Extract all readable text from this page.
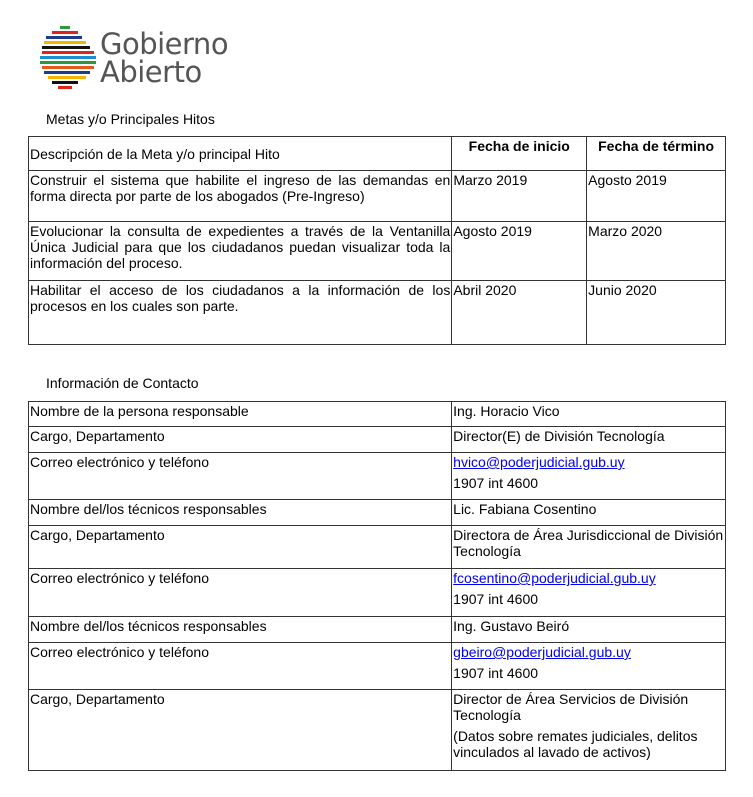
Gobierno
Abierto
Metas y/o Principales Hitos
Descripción de la Meta y/o principal Hito	Fecha de inicio	Fecha de término
Construir el sistema que habilite el ingreso de las demandas en forma directa por parte de los abogados (Pre-Ingreso)	Marzo 2019	Agosto 2019
Evolucionar la consulta de expedientes a través de la Ventanilla Única Judicial para que los ciudadanos puedan visualizar toda la información del proceso.	Agosto 2019	Marzo 2020
Habilitar el acceso de los ciudadanos a la información de los procesos en los cuales son parte.	Abril 2020	Junio 2020
Información de Contacto
Nombre de la persona responsable	Ing. Horacio Vico
Cargo, Departamento	Director(E) de División Tecnología
Correo electrónico y teléfono	hvico@poderjudicial.gub.uy
1907 int 4600

Nombre del/los técnicos responsables	Lic. Fabiana Cosentino
Cargo, Departamento	Directora de Área Jurisdiccional de División Tecnología
Correo electrónico y teléfono	fcosentino@poderjudicial.gub.uy
1907 int 4600

Nombre del/los técnicos responsables	Ing. Gustavo Beiró
Correo electrónico y teléfono	gbeiro@poderjudicial.gub.uy
1907 int 4600

Cargo, Departamento	Director de Área Servicios de División Tecnología
(Datos sobre remates judiciales, delitos vinculados al lavado de activos)
